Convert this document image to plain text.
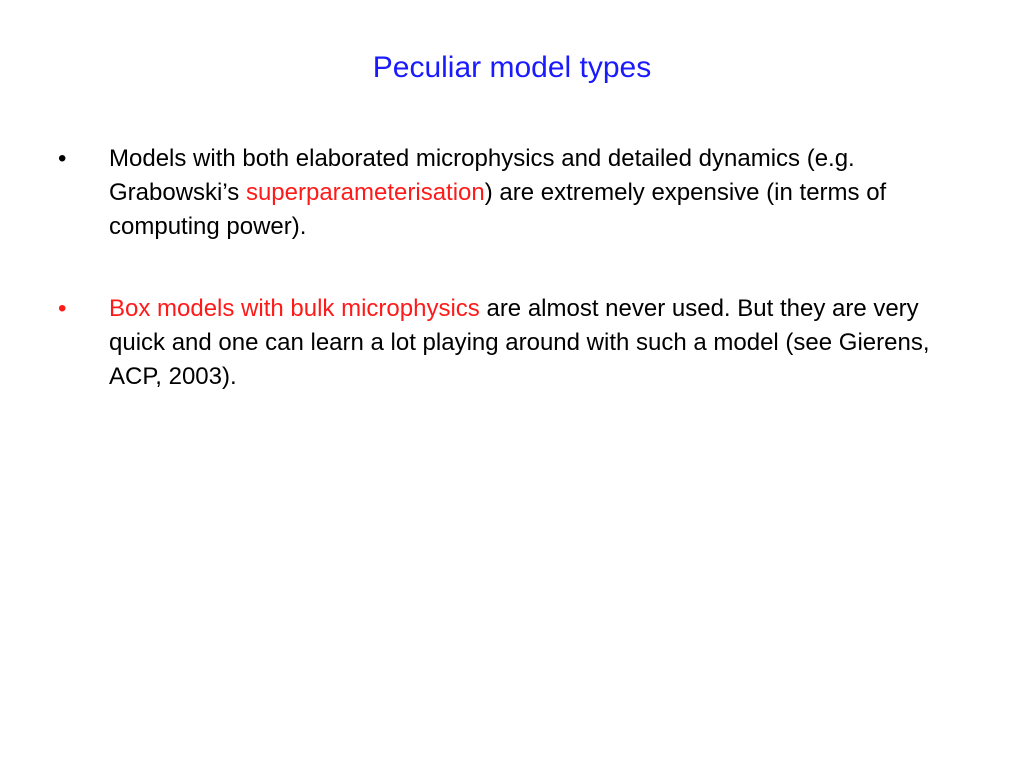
Peculiar model types
•	Models with both elaborated microphysics and detailed dynamics (e.g. Grabowski’s superparameterisation) are extremely expensive (in terms of computing power).
•	Box models with bulk microphysics are almost never used. But they are very quick and one can learn a lot playing around with such a model (see Gierens, ACP, 2003).
